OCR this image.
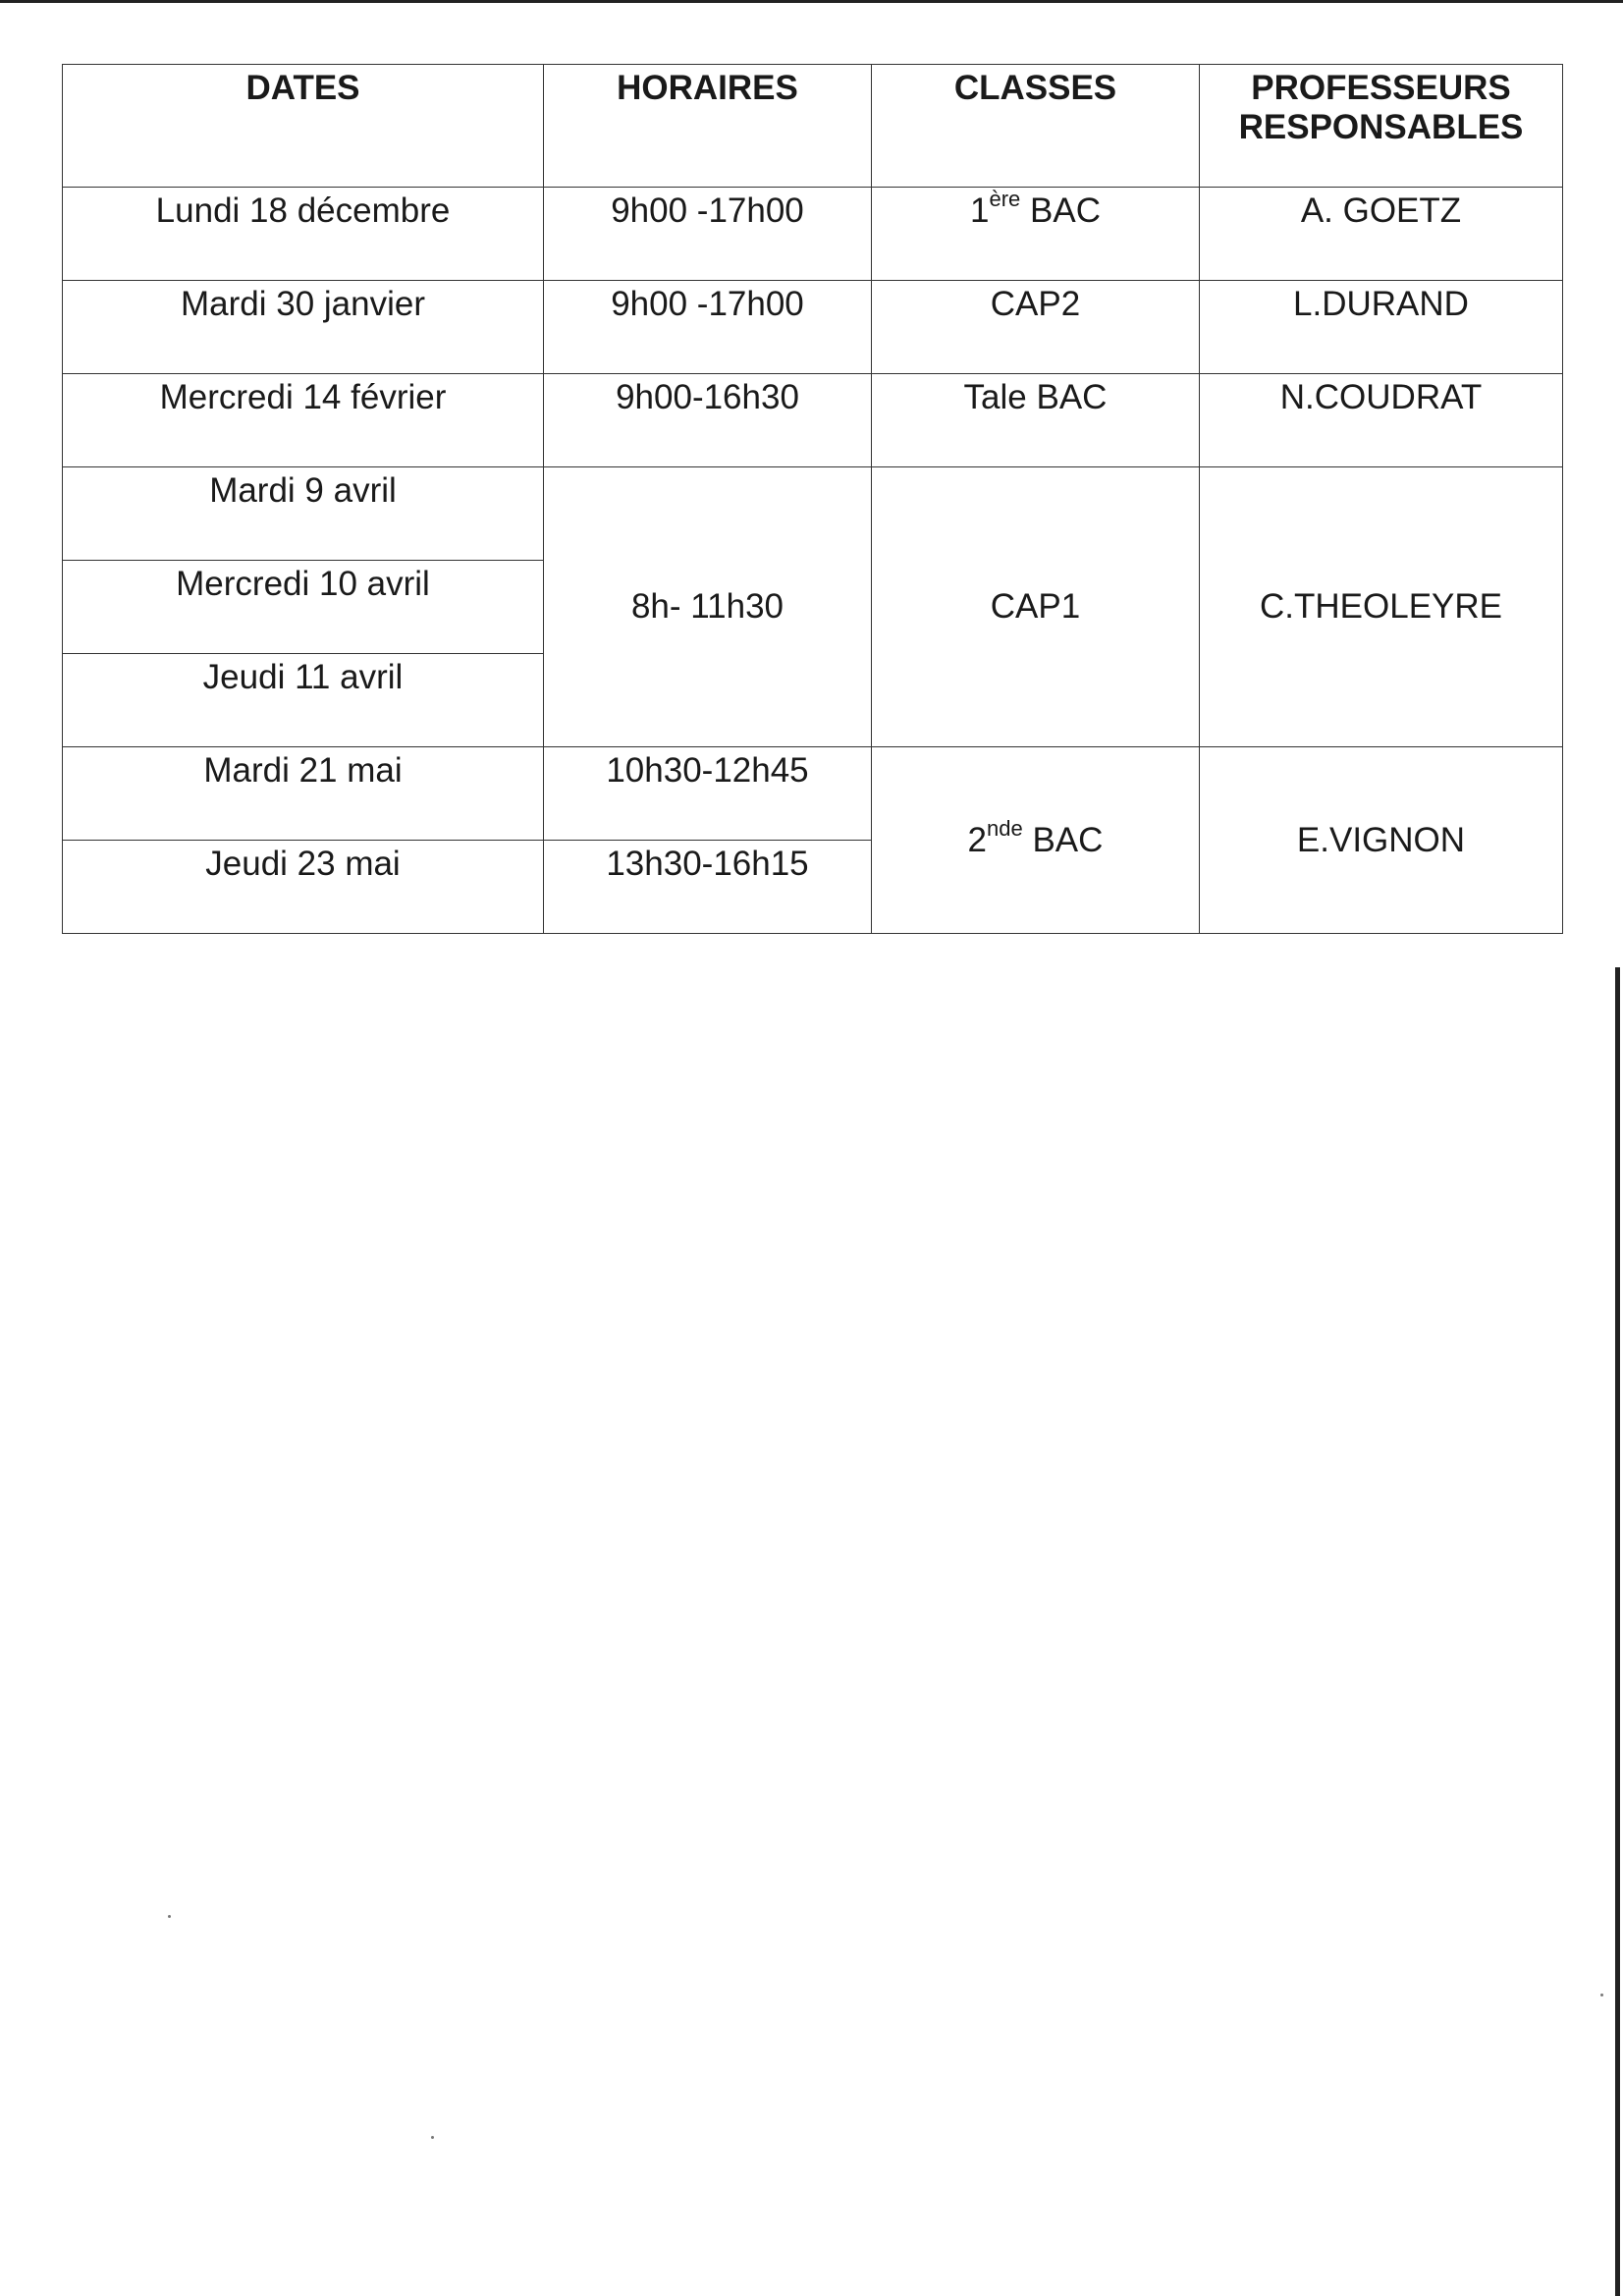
DATES	HORAIRES	CLASSES	PROFESSEURS
RESPONSABLES
Lundi 18 décembre	9h00 -17h00	1ère BAC	A. GOETZ
Mardi 30 janvier	9h00 -17h00	CAP2	L.DURAND
Mercredi 14 février	9h00-16h30	Tale BAC	N.COUDRAT
Mardi 9 avril	8h- 11h30	CAP1	C.THEOLEYRE
Mercredi 10 avril			
Jeudi 11 avril			
Mardi 21 mai	10h30-12h45	2nde BAC	E.VIGNON
Jeudi 23 mai	13h30-16h15		
